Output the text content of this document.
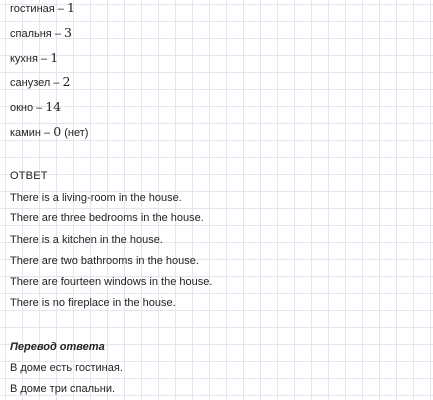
гостиная – 1
спальня – 3
кухня – 1
санузел – 2
окно – 14
камин – 0 (нет)
ОТВЕТ
There is a living-room in the house.
There are three bedrooms in the house.
There is a kitchen in the house.
There are two bathrooms in the house.
There are fourteen windows in the house.
There is no fireplace in the house.
Перевод ответа
В доме есть гостиная.
В доме три спальни.
